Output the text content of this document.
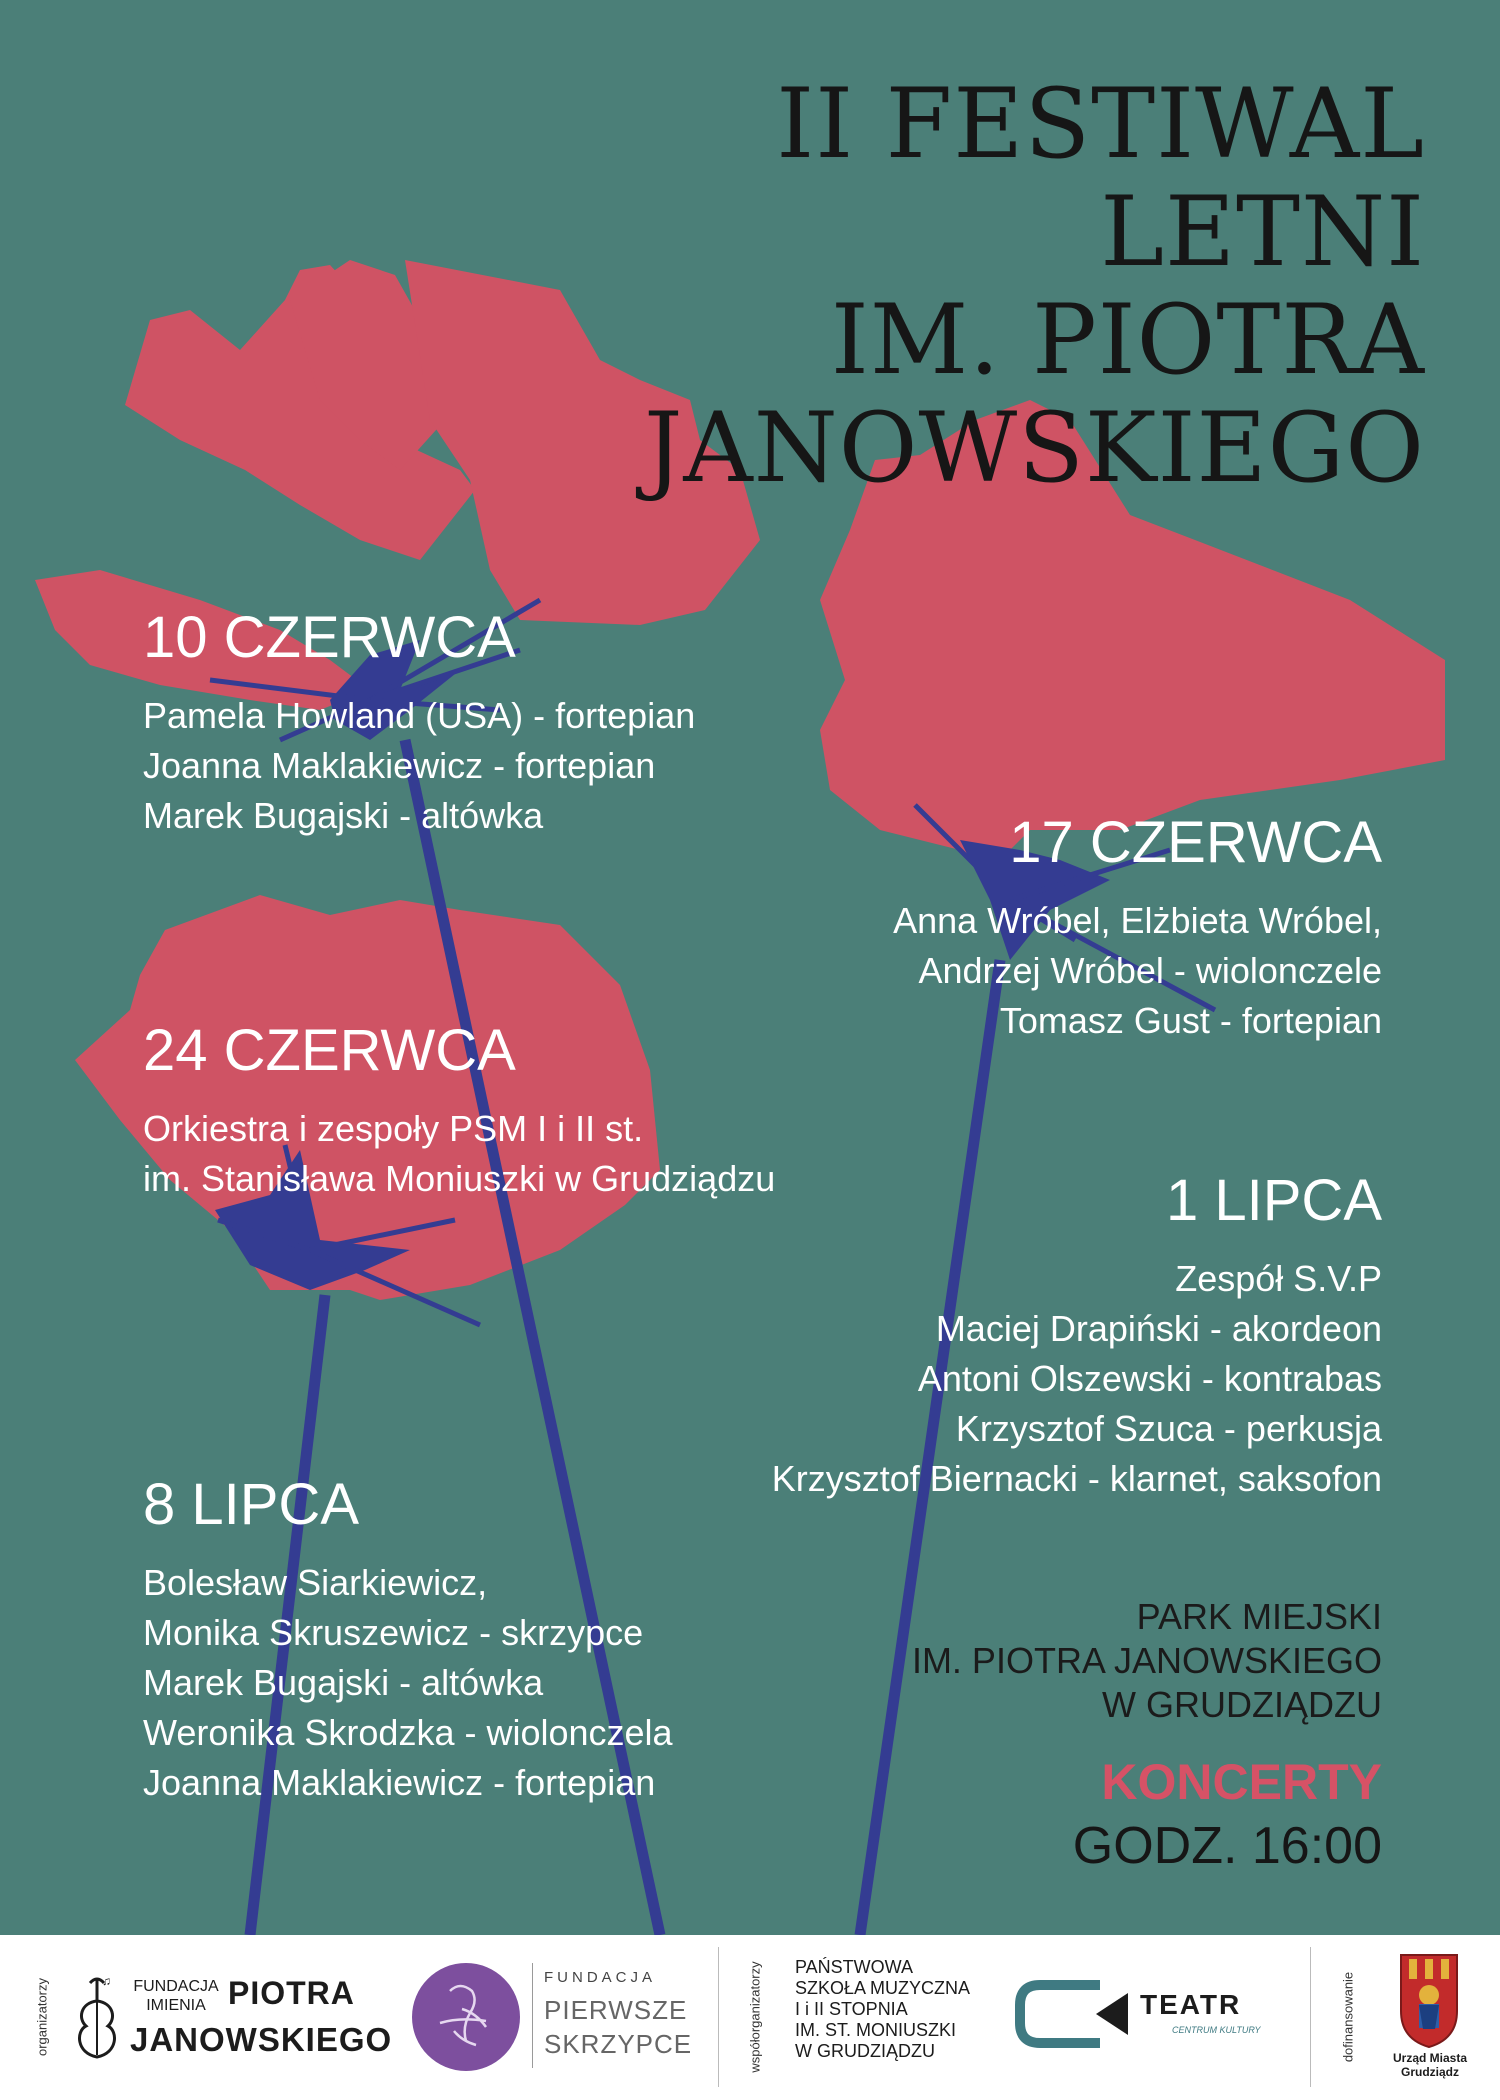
II FESTIWAL
LETNI
IM. PIOTRA
JANOWSKIEGO
10 CZERWCA

Pamela Howland (USA) - fortepian

Joanna Maklakiewicz - fortepian

Marek Bugajski - altówka	17 CZERWCA

Anna Wróbel, Elżbieta Wróbel,

Andrzej Wróbel - wiolonczele

Tomasz Gust - fortepian

24 CZERWCA

Orkiestra i zespoły PSM I i II st.

im. Stanisława Moniuszki w Grudziądzu	1 LIPCA

Zespół S.V.P

Maciej Drapiński - akordeon

Antoni Olszewski - kontrabas

Krzysztof Szuca - perkusja

Krzysztof Biernacki - klarnet, saksofon

8 LIPCA

Bolesław Siarkiewicz,

Monika Skruszewicz - skrzypce

Marek Bugajski - altówka

Weronika Skrodzka - wiolonczela

Joanna Maklakiewicz - fortepian

PARK MIEJSKI

IM. PIOTRA JANOWSKIEGO

W GRUDZIĄDZU

KONCERTY

GODZ. 16:00

organizatorzy	♫ FUNDACJA
IMIENIA PIOTRA
JANOWSKIEGO
FUNDACJA
PIERWSZE
SKRZYPCE	współorganizatorzy PAŃSTWOWA
SZKOŁA MUZYCZNA
I i II STOPNIA
IM. ST. MONIUSZKI
W GRUDZIĄDZU
TEATR
CENTRUM KULTURY	dofinansowanie	Urząd Miasta
Grudziądz
